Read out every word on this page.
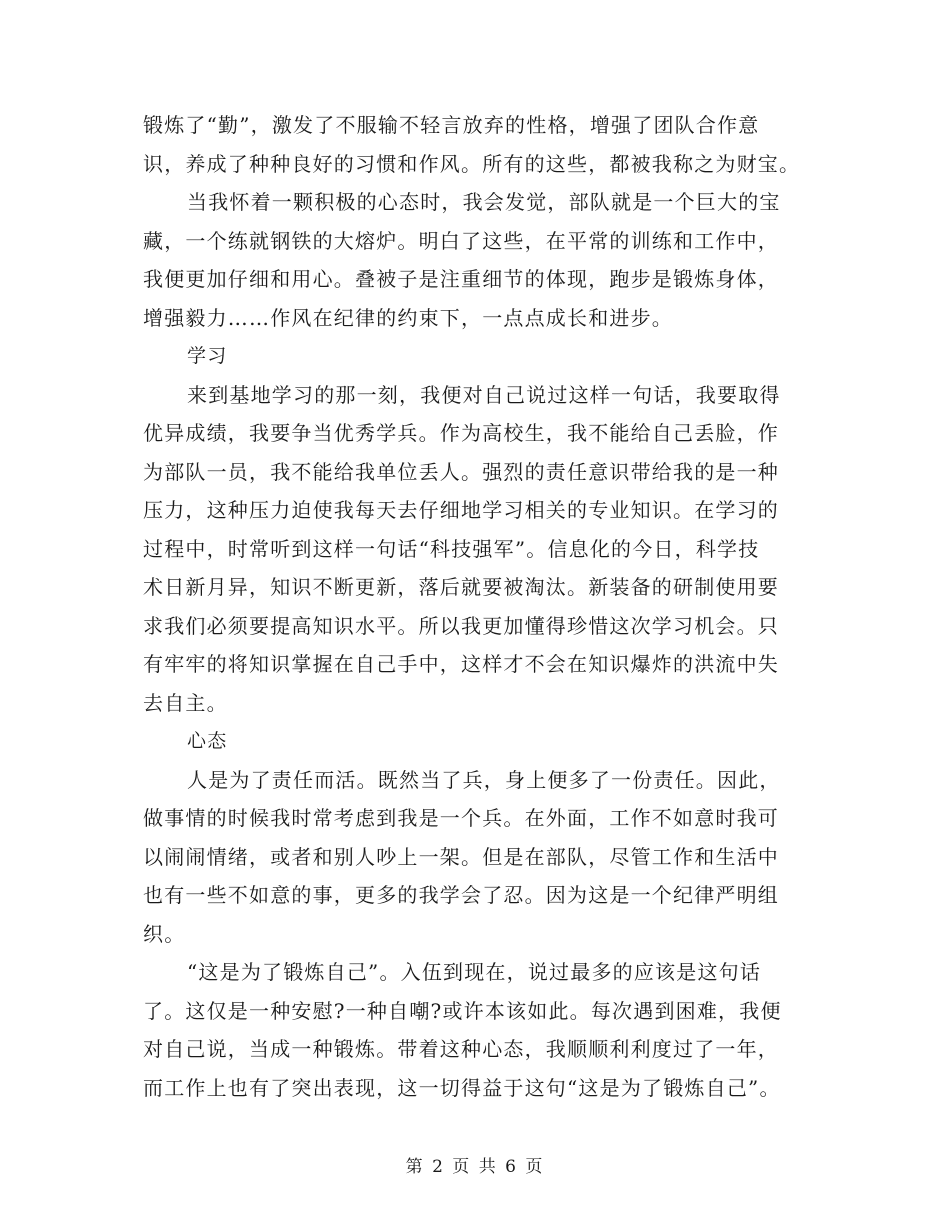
锻炼了“勤”，激发了不服输不轻言放弃的性格，增强了团队合作意
识，养成了种种良好的习惯和作风。所有的这些，都被我称之为财宝。
当我怀着一颗积极的心态时，我会发觉，部队就是一个巨大的宝
藏，一个练就钢铁的大熔炉。明白了这些，在平常的训练和工作中，
我便更加仔细和用心。叠被子是注重细节的体现，跑步是锻炼身体，
增强毅力……作风在纪律的约束下，一点点成长和进步。
学习
来到基地学习的那一刻，我便对自己说过这样一句话，我要取得
优异成绩，我要争当优秀学兵。作为高校生，我不能给自己丢脸，作
为部队一员，我不能给我单位丢人。强烈的责任意识带给我的是一种
压力，这种压力迫使我每天去仔细地学习相关的专业知识。在学习的
过程中，时常听到这样一句话“科技强军”。信息化的今日，科学技
术日新月异，知识不断更新，落后就要被淘汰。新装备的研制使用要
求我们必须要提高知识水平。所以我更加懂得珍惜这次学习机会。只
有牢牢的将知识掌握在自己手中，这样才不会在知识爆炸的洪流中失
去自主。
心态
人是为了责任而活。既然当了兵，身上便多了一份责任。因此，
做事情的时候我时常考虑到我是一个兵。在外面，工作不如意时我可
以闹闹情绪，或者和别人吵上一架。但是在部队，尽管工作和生活中
也有一些不如意的事，更多的我学会了忍。因为这是一个纪律严明组
织。
“这是为了锻炼自己”。入伍到现在，说过最多的应该是这句话
了。这仅是一种安慰?一种自嘲?或许本该如此。每次遇到困难，我便
对自己说，当成一种锻炼。带着这种心态，我顺顺利利度过了一年，
而工作上也有了突出表现，这一切得益于这句“这是为了锻炼自己”。
第 2 页 共 6 页
